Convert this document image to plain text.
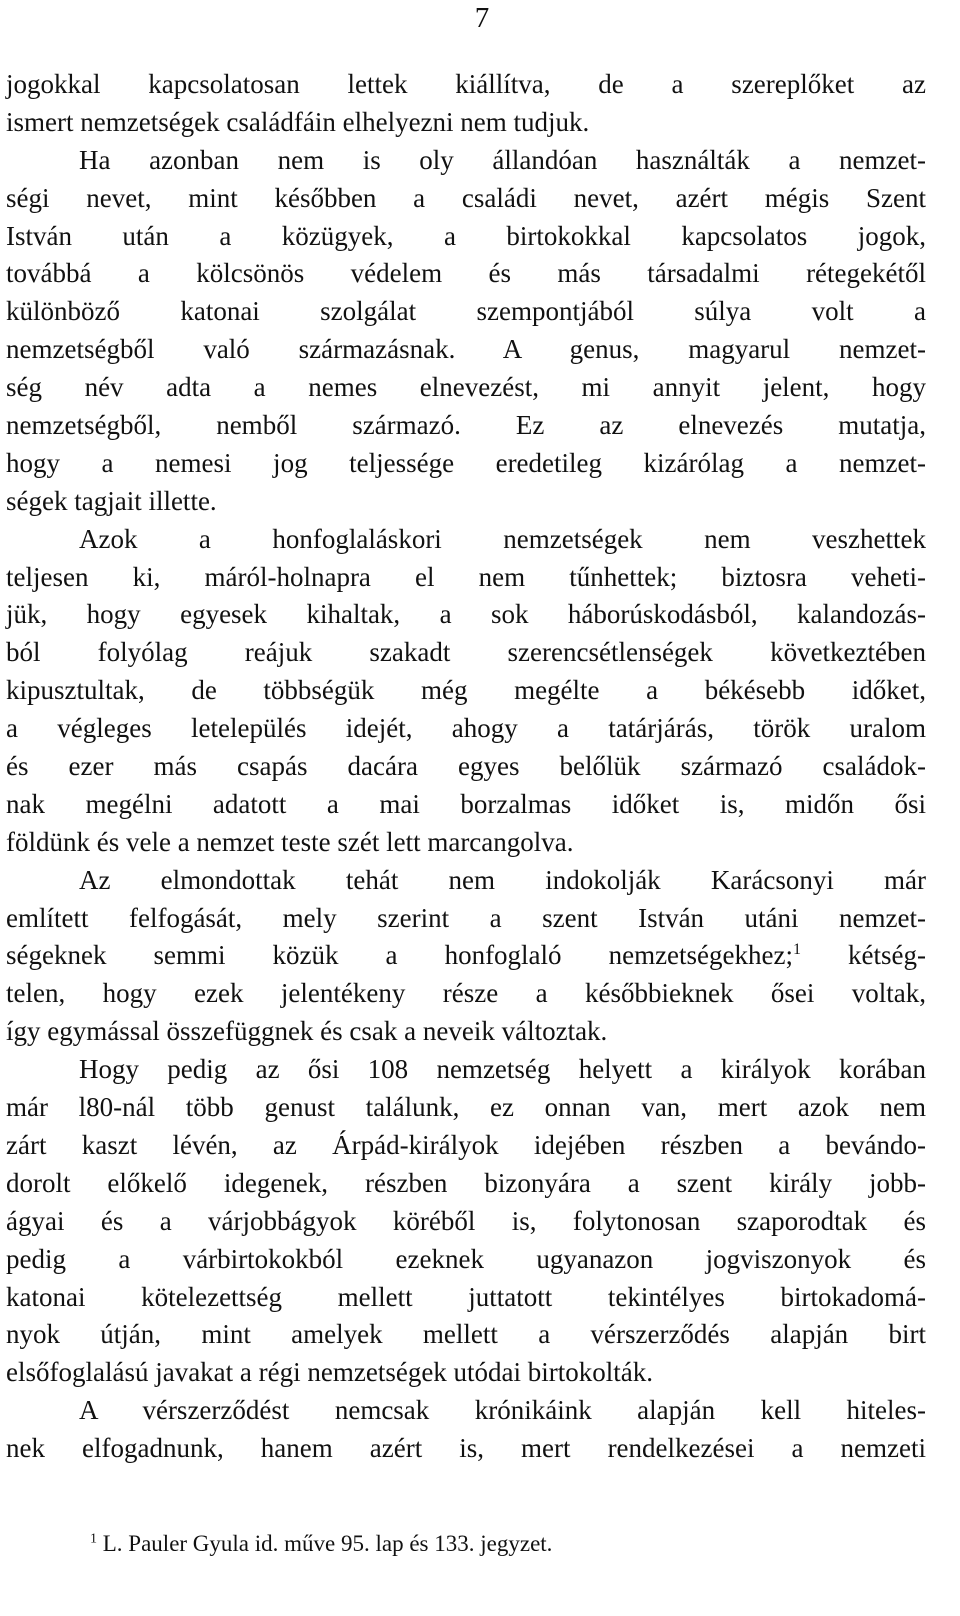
7
jogokkal kapcsolatosan lettek kiállítva, de a szereplőket az
ismert nemzetségek családfáin elhelyezni nem tudjuk.
Ha azonban nem is oly állandóan használták a nemzet-
ségi nevet, mint későbben a családi nevet, azért mégis Szent
István után a közügyek, a birtokokkal kapcsolatos jogok,
továbbá a kölcsönös védelem és más társadalmi rétegekétől
különböző katonai szolgálat szempontjából súlya volt a
nemzetségből való származásnak. A genus, magyarul nemzet-
ség név adta a nemes elnevezést, mi annyit jelent, hogy
nemzetségből, nemből származó. Ez az elnevezés mutatja,
hogy a nemesi jog teljessége eredetileg kizárólag a nemzet-
ségek tagjait illette.
Azok a honfoglaláskori nemzetségek nem veszhettek
teljesen ki, máról-holnapra el nem tűnhettek; biztosra veheti-
jük, hogy egyesek kihaltak, a sok háborúskodásból, kalandozás-
ból folyólag reájuk szakadt szerencsétlenségek következtében
kipusztultak, de többségük még megélte a békésebb időket,
a végleges letelepülés idejét, ahogy a tatárjárás, török uralom
és ezer más csapás dacára egyes belőlük származó családok-
nak megélni adatott a mai borzalmas időket is, midőn ősi
földünk és vele a nemzet teste szét lett marcangolva.
Az elmondottak tehát nem indokolják Karácsonyi már
említett felfogását, mely szerint a szent István utáni nemzet-
ségeknek semmi közük a honfoglaló nemzetségekhez;$^1$ kétség-
telen, hogy ezek jelentékeny része a későbbieknek ősei voltak,
így egymással összefüggnek és csak a neveik változtak.
Hogy pedig az ősi 108 nemzetség helyett a királyok korában
már l80-nál több genust találunk, ez onnan van, mert azok nem
zárt kaszt lévén, az Árpád-királyok idejében részben a bevándo-
dorolt előkelő idegenek, részben bizonyára a szent király jobb-
ágyai és a várjobbágyok köréből is, folytonosan szaporodtak és
pedig a várbirtokokból ezeknek ugyanazon jogviszonyok és
katonai kötelezettség mellett juttatott tekintélyes birtokadomá-
nyok útján, mint amelyek mellett a vérszerződés alapján birt
elsőfoglalású javakat a régi nemzetségek utódai birtokolták.
A vérszerződést nemcsak krónikáink alapján kell hiteles-
nek elfogadnunk, hanem azért is, mert rendelkezései a nemzeti
$^1$ L. Pauler Gyula id. műve 95. lap és 133. jegyzet.
